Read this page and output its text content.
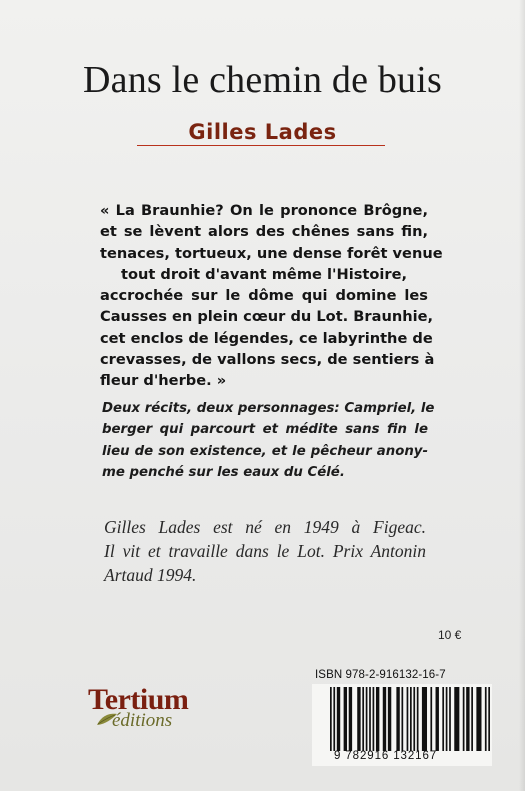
Dans le chemin de buis
Gilles Lades
« La Braunhie? On le prononce Brôgne,
et se lèvent alors des chênes sans fin,
tenaces, tortueux, une dense forêt venue
tout droit d'avant même l'Histoire,
accrochée sur le dôme qui domine les
Causses en plein cœur du Lot. Braunhie,
cet enclos de légendes, ce labyrinthe de
crevasses, de vallons secs, de sentiers à
fleur d'herbe. »
Deux récits, deux personnages: Campriel, le
berger qui parcourt et médite sans fin le
lieu de son existence, et le pêcheur anony-
me penché sur les eaux du Célé.
Gilles Lades est né en 1949 à Figeac.
Il vit et travaille dans le Lot. Prix Antonin
Artaud 1994.
10 €
Tertium
éditions
ISBN 978-2-916132-16-7
9 782916 132167
